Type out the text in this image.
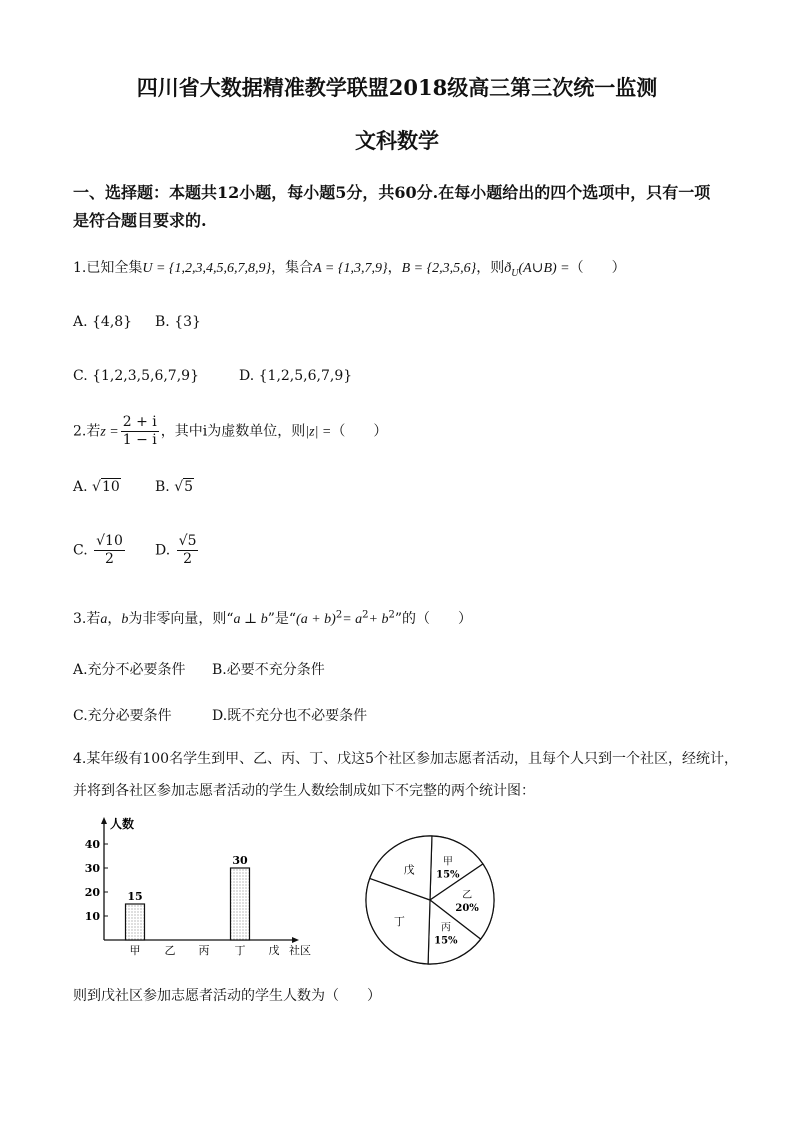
四川省大数据精准教学联盟2018级高三第三次统一监测
文科数学
一、选择题：本题共12小题，每小题5分，共60分.在每小题给出的四个选项中，只有一项
是符合题目要求的.
1.已知全集U = {1,2,3,4,5,6,7,8,9}，集合A = {1,3,7,9}，B = {2,3,5,6}，则$ð_U(A\cup B)$ =（　　）
A. {4,8} B. {3}
C. {1,2,3,5,6,7,9}	D. {1,2,5,6,7,9}
2.若$z = \frac{2 + i}{1 - i}$ ，其中i为虚数单位，则|z| =（　　）
A. √10	B. √5
C. $\frac{√10}{2} D$. $\frac{√5}{2}$
3.若a，b为非零向量，则“a ⊥ b”是“$(a + b)^2= a^2+ b^2$”的（　　）
A.充分不必要条件 B.必要不充分条件
C.充分必要条件	D.既不充分也不必要条件
4.某年级有100名学生到甲、乙、丙、丁、戊这5个社区参加志愿者活动，且每个人只到一个社区，经统计，
并将到各社区参加志愿者活动的学生人数绘制成如下不完整的两个统计图：
人数
10
20
30
40
甲
15
乙 丙 丁
30
戊 社区
甲
15%
乙
20%
丙
15%
丁
戊
则到戊社区参加志愿者活动的学生人数为（　　）
